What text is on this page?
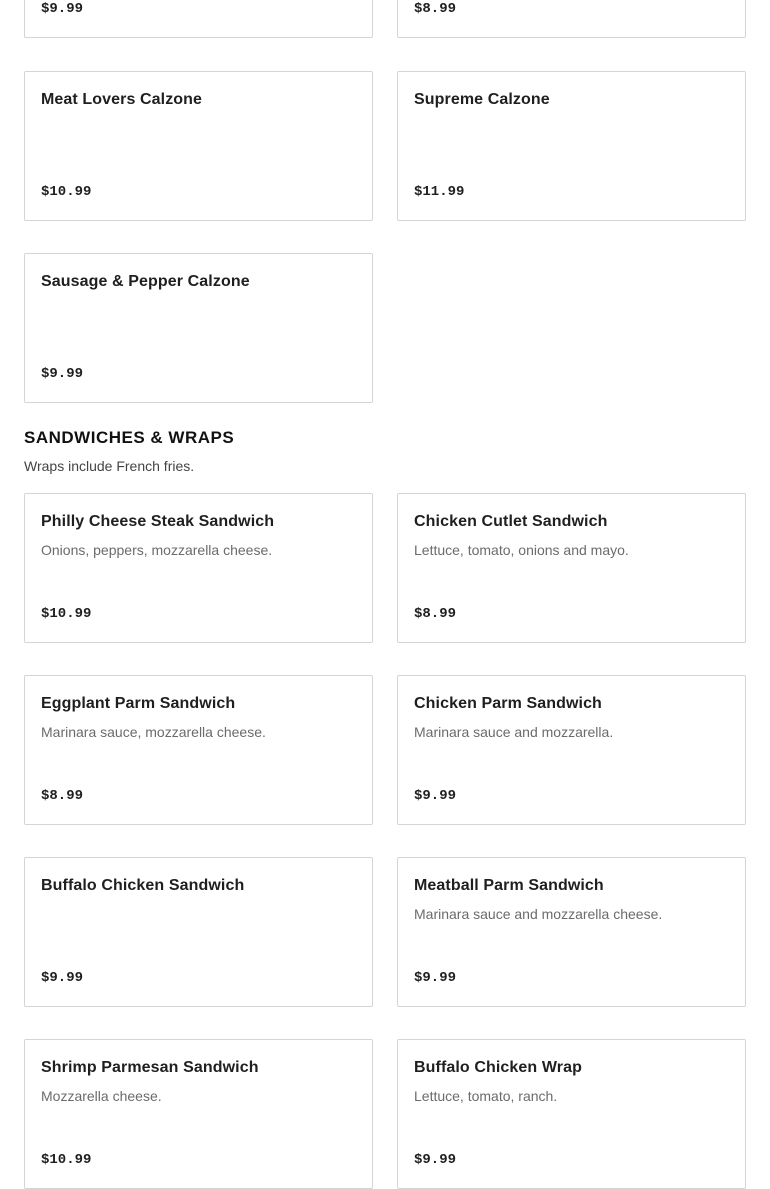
$9.99	$8.99
Meat Lovers Calzone
$10.99
Supreme Calzone
$11.99
Sausage & Pepper Calzone
$9.99
SANDWICHES & WRAPS

Wraps include French fries.

Philly Cheese Steak Sandwich
Onions, peppers, mozzarella cheese.
$10.99
Chicken Cutlet Sandwich
Lettuce, tomato, onions and mayo.
$8.99
Eggplant Parm Sandwich
Marinara sauce, mozzarella cheese.
$8.99
Chicken Parm Sandwich
Marinara sauce and mozzarella.
$9.99
Buffalo Chicken Sandwich
$9.99
Meatball Parm Sandwich
Marinara sauce and mozzarella cheese.
$9.99
Shrimp Parmesan Sandwich
Mozzarella cheese.
$10.99
Buffalo Chicken Wrap
Lettuce, tomato, ranch.
$9.99
